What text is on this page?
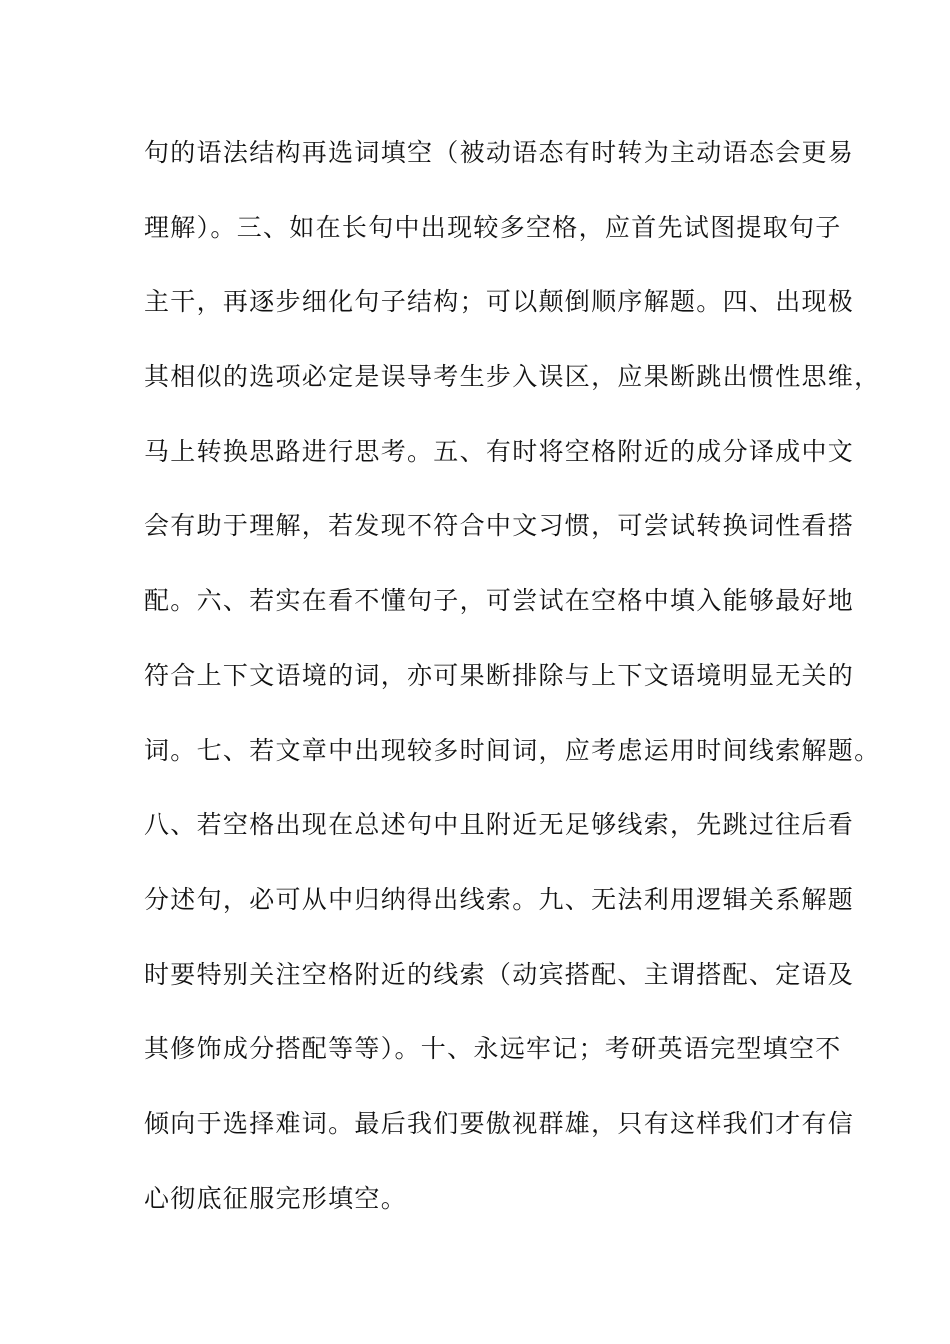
句的语法结构再选词填空（被动语态有时转为主动语态会更易
理解）。三、如在长句中出现较多空格，应首先试图提取句子
主干，再逐步细化句子结构；可以颠倒顺序解题。四、出现极
其相似的选项必定是误导考生步入误区，应果断跳出惯性思维，
马上转换思路进行思考。五、有时将空格附近的成分译成中文
会有助于理解，若发现不符合中文习惯，可尝试转换词性看搭
配。六、若实在看不懂句子，可尝试在空格中填入能够最好地
符合上下文语境的词，亦可果断排除与上下文语境明显无关的
词。七、若文章中出现较多时间词，应考虑运用时间线索解题。
八、若空格出现在总述句中且附近无足够线索，先跳过往后看
分述句，必可从中归纳得出线索。九、无法利用逻辑关系解题
时要特别关注空格附近的线索（动宾搭配、主谓搭配、定语及
其修饰成分搭配等等）。十、永远牢记；考研英语完型填空不
倾向于选择难词。最后我们要傲视群雄，只有这样我们才有信
心彻底征服完形填空。
